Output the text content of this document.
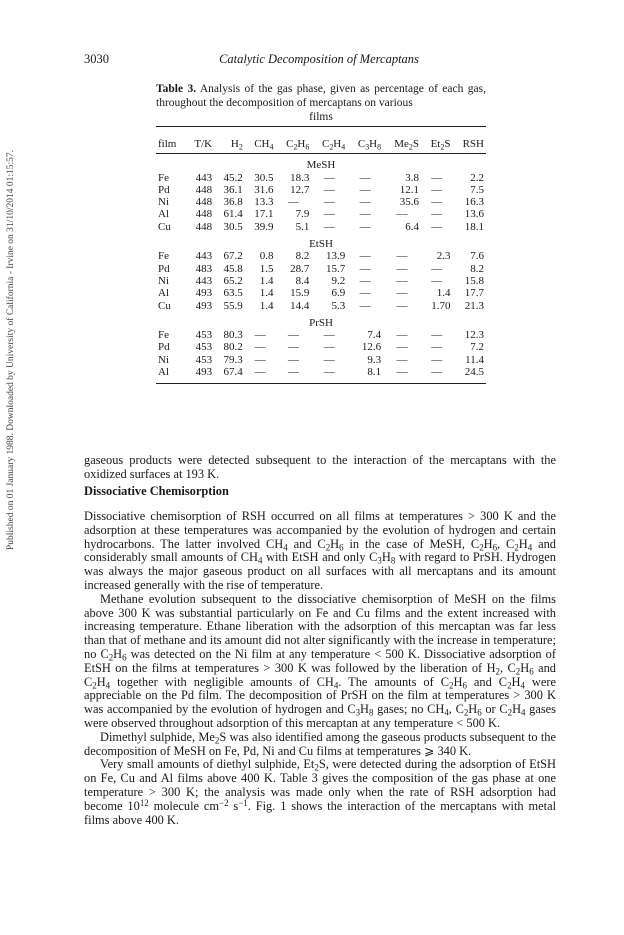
Published on 01 January 1988. Downloaded by University of California - Irvine on 31/10/2014 01:15:57.
3030	Catalytic Decomposition of Mercaptans
Table 3. Analysis of the gas phase, given as percentage of each gas, throughout the decomposition of mercaptans on various
films
film	T/K	$H_2$	$CH_4$	$C_2H_6$	$C_2H_4$	$C_3H_8$	$Me_2S$	$Et_2S$	RSH
MeSH									
Fe	443	45.2	30.5	18.3	—	—	3.8	—	2.2
Pd	448	36.1	31.6	12.7	—	—	12.1	—	7.5
Ni	448	36.8	13.3	—	—	—	35.6	—	16.3
Al	448	61.4	17.1	7.9	—	—	—	—	13.6
Cu	448	30.5	39.9	5.1	—	—	6.4	—	18.1
EtSH									
Fe	443	67.2	0.8	8.2	13.9	—	—	2.3	7.6
Pd	483	45.8	1.5	28.7	15.7	—	—	—	8.2
Ni	443	65.2	1.4	8.4	9.2	—	—	—	15.8
Al	493	63.5	1.4	15.9	6.9	—	—	1.4	17.7
Cu	493	55.9	1.4	14.4	5.3	—	—	1.70	21.3
PrSH									
Fe	453	80.3	—	—	—	7.4	—	—	12.3
Pd	453	80.2	—	—	—	12.6	—	—	7.2
Ni	453	79.3	—	—	—	9.3	—	—	11.4
Al	493	67.4	—	—	—	8.1	—	—	24.5

gaseous products were detected subsequent to the interaction of the mercaptans with the oxidized surfaces at 193 K.

Dissociative Chemisorption

Dissociative chemisorption of RSH occurred on all films at temperatures > 300 K and the adsorption at these temperatures was accompanied by the evolution of hydrogen and certain hydrocarbons. The latter involved $CH_4$ and $C_2H_6$ in the case of MeSH, $C_2H_6$, $C_2H_4$ and considerably small amounts of $CH_4$ with EtSH and only $C_3H_8$ with regard to PrSH. Hydrogen was always the major gaseous product on all surfaces with all mercaptans and its amount increased generally with the rise of temperature.

Methane evolution subsequent to the dissociative chemisorption of MeSH on the films above 300 K was substantial particularly on Fe and Cu films and the extent increased with increasing temperature. Ethane liberation with the adsorption of this mercaptan was far less than that of methane and its amount did not alter significantly with the increase in temperature; no $C_2H_6$ was detected on the Ni film at any temperature < 500 K. Dissociative adsorption of EtSH on the films at temperatures > 300 K was followed by the liberation of $H_2$, $C_2H_6$ and $C_2H_4$ together with negligible amounts of $CH_4$. The amounts of $C_2H_6$ and $C_2H_4$ were appreciable on the Pd film. The decomposition of PrSH on the film at temperatures > 300 K was accompanied by the evolution of hydrogen and $C_3H_8$ gases; no $CH_4$, $C_2H_6$ or $C_2H_4$ gases were observed throughout adsorption of this mercaptan at any temperature < 500 K.

Dimethyl sulphide, $Me_2S$ was also identified among the gaseous products subsequent to the decomposition of MeSH on Fe, Pd, Ni and Cu films at temperatures ⩾ 340 K.

Very small amounts of diethyl sulphide, $Et_2S$, were detected during the adsorption of EtSH on Fe, Cu and Al films above 400 K. Table 3 gives the composition of the gas phase at one temperature > 300 K; the analysis was made only when the rate of RSH adsorption had become $10^{12}$ molecule $cm^{-2}$ $s^{-1}$. Fig. 1 shows the interaction of the mercaptans with metal films above 400 K.
